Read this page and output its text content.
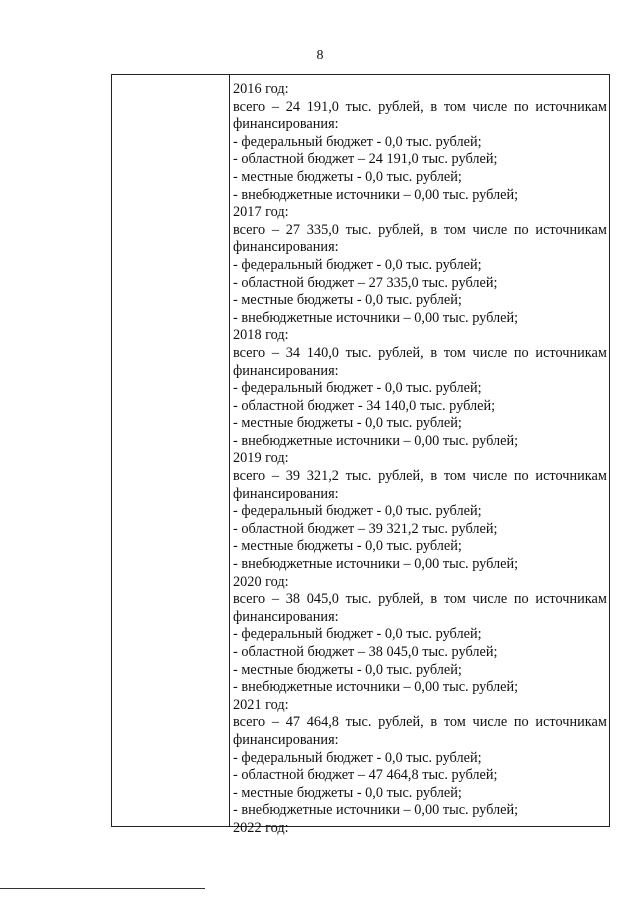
8
2016 год:
всего – 24 191,0 тыс. рублей, в том числе по источникам
финансирования:
- федеральный бюджет - 0,0 тыс. рублей;
- областной бюджет – 24 191,0 тыс. рублей;
- местные бюджеты - 0,0 тыс. рублей;
- внебюджетные источники – 0,00 тыс. рублей;
2017 год:
всего – 27 335,0 тыс. рублей, в том числе по источникам
финансирования:
- федеральный бюджет - 0,0 тыс. рублей;
- областной бюджет – 27 335,0 тыс. рублей;
- местные бюджеты - 0,0 тыс. рублей;
- внебюджетные источники – 0,00 тыс. рублей;
2018 год:
всего – 34 140,0 тыс. рублей, в том числе по источникам
финансирования:
- федеральный бюджет - 0,0 тыс. рублей;
- областной бюджет - 34 140,0 тыс. рублей;
- местные бюджеты - 0,0 тыс. рублей;
- внебюджетные источники – 0,00 тыс. рублей;
2019 год:
всего – 39 321,2 тыс. рублей, в том числе по источникам
финансирования:
- федеральный бюджет - 0,0 тыс. рублей;
- областной бюджет – 39 321,2 тыс. рублей;
- местные бюджеты - 0,0 тыс. рублей;
- внебюджетные источники – 0,00 тыс. рублей;
2020 год:
всего – 38 045,0 тыс. рублей, в том числе по источникам
финансирования:
- федеральный бюджет - 0,0 тыс. рублей;
- областной бюджет – 38 045,0 тыс. рублей;
- местные бюджеты - 0,0 тыс. рублей;
- внебюджетные источники – 0,00 тыс. рублей;
2021 год:
всего – 47 464,8 тыс. рублей, в том числе по источникам
финансирования:
- федеральный бюджет - 0,0 тыс. рублей;
- областной бюджет – 47 464,8 тыс. рублей;
- местные бюджеты - 0,0 тыс. рублей;
- внебюджетные источники – 0,00 тыс. рублей;
2022 год:
